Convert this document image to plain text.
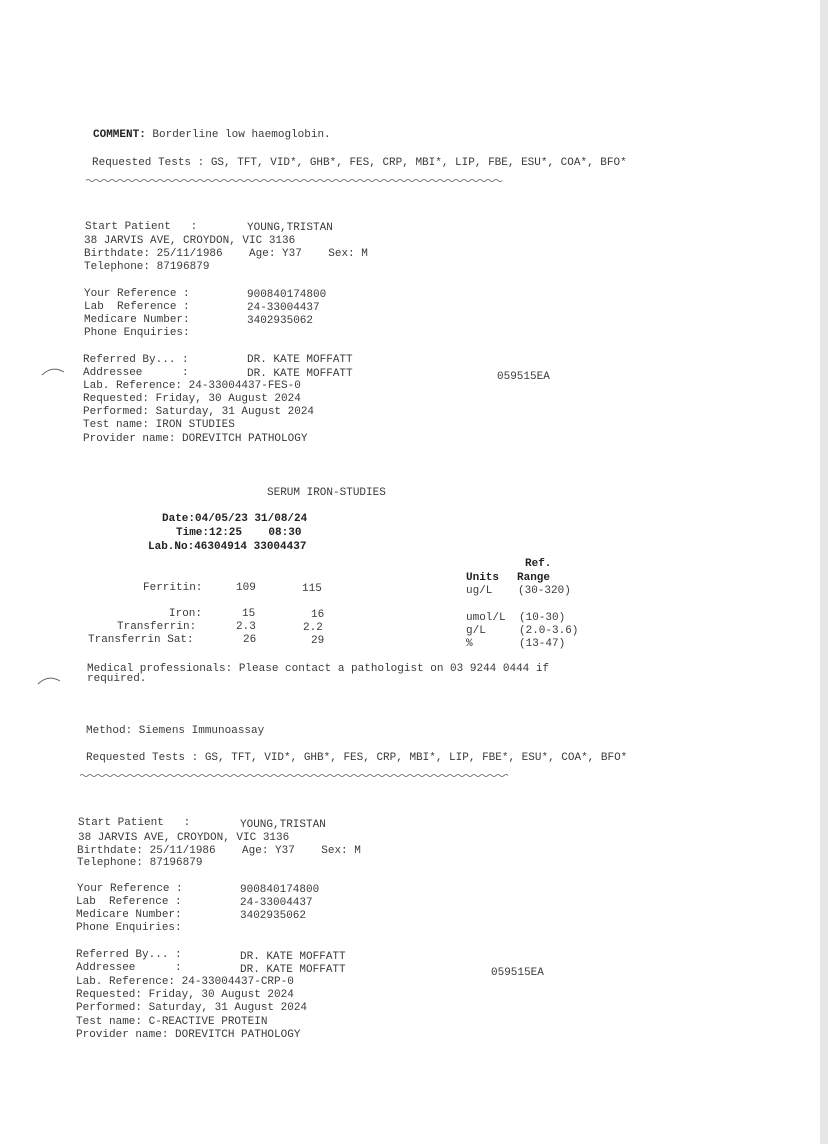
COMMENT: Borderline low haemoglobin.
Requested Tests : GS, TFT, VID*, GHB*, FES, CRP, MBI*, LIP, FBE, ESU*, COA*, BFO*
Start Patient   :	YOUNG,TRISTAN
38 JARVIS AVE, CROYDON, VIC 3136
Birthdate: 25/11/1986    Age: Y37    Sex: M
Telephone: 87196879
Your Reference :	900840174800
Lab  Reference :	24-33004437
Medicare Number:	3402935062
Phone Enquiries:
Referred By... :	DR. KATE MOFFATT
Addressee      :	DR. KATE MOFFATT	059515EA
Lab. Reference: 24-33004437-FES-0
Requested: Friday, 30 August 2024
Performed: Saturday, 31 August 2024
Test name: IRON STUDIES
Provider name: DOREVITCH PATHOLOGY
SERUM IRON-STUDIES
Date:04/05/23 31/08/24
Time:12:25    08:30
Lab.No:46304914 33004437
Ref.
Units Range
Ferritin:	109	115	ug/L (30-320)
Iron:	15	16	umol/L (10-30)
Transferrin:	2.3	2.2	g/L	(2.0-3.6)
Transferrin Sat:	26	29	%	(13-47)
Medical professionals: Please contact a pathologist on 03 9244 0444 if
required.
Method: Siemens Immunoassay
Requested Tests : GS, TFT, VID*, GHB*, FES, CRP, MBI*, LIP, FBE*, ESU*, COA*, BFO*
Start Patient   :	YOUNG,TRISTAN
38 JARVIS AVE, CROYDON, VIC 3136
Birthdate: 25/11/1986    Age: Y37    Sex: M
Telephone: 87196879
Your Reference :	900840174800
Lab  Reference :	24-33004437
Medicare Number:	3402935062
Phone Enquiries:
Referred By... :	DR. KATE MOFFATT
Addressee      :	DR. KATE MOFFATT	059515EA
Lab. Reference: 24-33004437-CRP-0
Requested: Friday, 30 August 2024
Performed: Saturday, 31 August 2024
Test name: C-REACTIVE PROTEIN
Provider name: DOREVITCH PATHOLOGY
